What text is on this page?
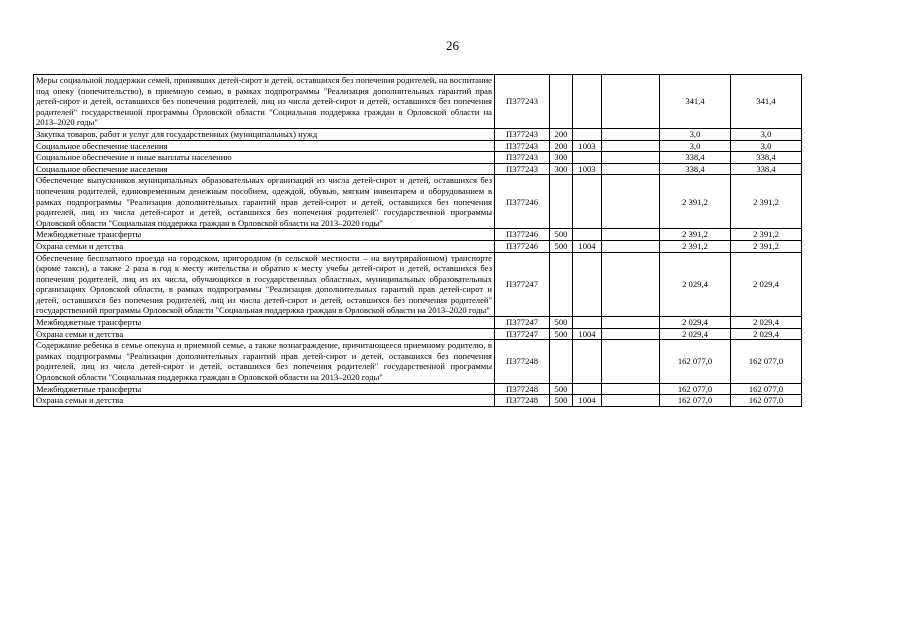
26
Меры социальной поддержки семей, принявших детей-сирот и детей, оставшихся без попечения родителей, на воспитание под опеку (попечительство), в приемную семью, в рамках подпрограммы "Реализация дополнительных гарантий прав детей-сирот и детей, оставшихся без попечения родителей, лиц из числа детей-сирот и детей, оставшихся без попечения родителей" государственной программы Орловской области "Социальная поддержка граждан в Орловской области на 2013–2020 годы"	П377243				341,4	341,4
Закупка товаров, работ и услуг для государственных (муниципальных) нужд	П377243	200			3,0	3,0
Социальное обеспечение населения	П377243	200	1003		3,0	3,0
Социальное обеспечение и иные выплаты населению	П377243	300			338,4	338,4
Социальное обеспечение населения	П377243	300	1003		338,4	338,4
Обеспечение выпускников муниципальных образовательных организаций из числа детей-сирот и детей, оставшихся без попечения родителей, единовременным денежным пособием, одеждой, обувью, мягким инвентарем и оборудованием в рамках подпрограммы "Реализация дополнительных гарантий прав детей-сирот и детей, оставшихся без попечения родителей, лиц из числа детей-сирот и детей, оставшихся без попечения родителей" государственной программы Орловской области "Социальная поддержка граждан в Орловской области на 2013–2020 годы"	П377246				2 391,2	2 391,2
Межбюджетные трансферты	П377246	500			2 391,2	2 391,2
Охрана семьи и детства	П377246	500	1004		2 391,2	2 391,2
Обеспечение бесплатного проезда на городском, пригородном (в сельской местности – на внутрирайонном) транспорте (кроме такси), а также 2 раза в год к месту жительства и обратно к месту учебы детей-сирот и детей, оставшихся без попечения родителей, лиц из их числа, обучающихся в государственных областных, муниципальных образовательных организациях Орловской области, в рамках подпрограммы "Реализация дополнительных гарантий прав детей-сирот и детей, оставшихся без попечения родителей, лиц из числа детей-сирот и детей, оставшихся без попечения родителей" государственной программы Орловской области "Социальная поддержка граждан в Орловской области на 2013–2020 годы"	П377247				2 029,4	2 029,4
Межбюджетные трансферты	П377247	500			2 029,4	2 029,4
Охрана семьи и детства	П377247	500	1004		2 029,4	2 029,4
Содержание ребенка в семье опекуна и приемной семье, а также вознаграждение, причитающееся приемному родителю, в рамках подпрограммы "Реализация дополнительных гарантий прав детей-сирот и детей, оставшихся без попечения родителей, лиц из числа детей-сирот и детей, оставшихся без попечения родителей" государственной программы Орловской области "Социальная поддержка граждан в Орловской области на 2013–2020 годы"	П377248				162 077,0	162 077,0
Межбюджетные трансферты	П377248	500			162 077,0	162 077,0
Охрана семьи и детства	П377248	500	1004		162 077,0	162 077,0
